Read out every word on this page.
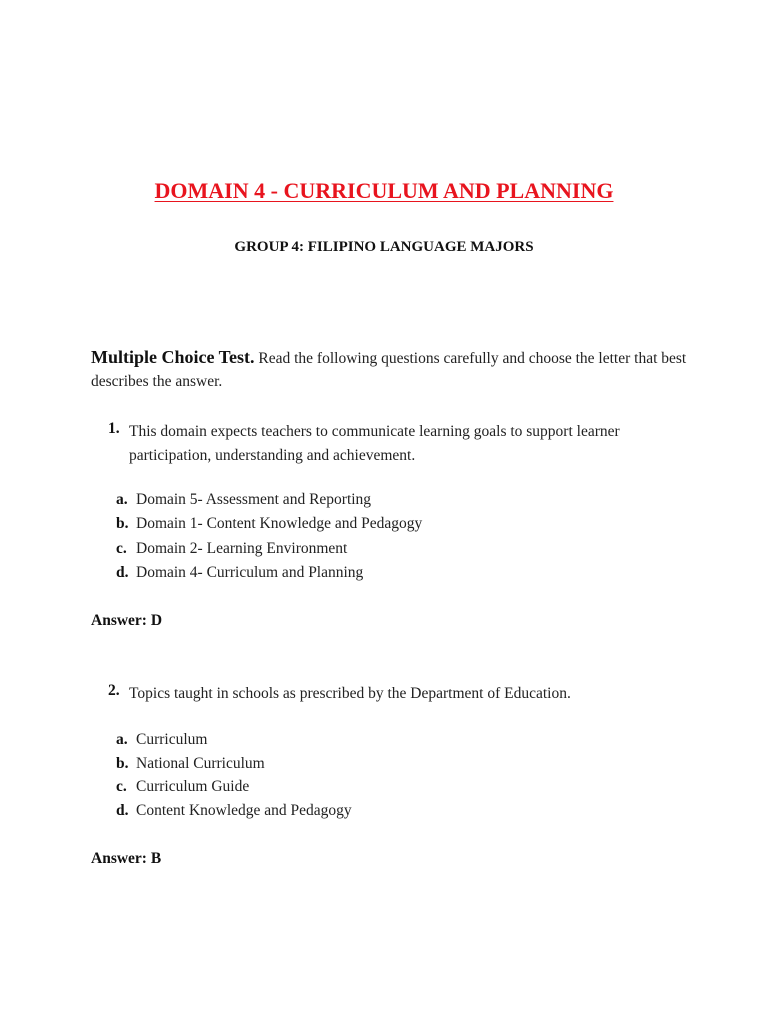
DOMAIN 4 - CURRICULUM AND PLANNING
GROUP 4: FILIPINO LANGUAGE MAJORS
Multiple Choice Test. Read the following questions carefully and choose the letter that best describes the answer.
1. This domain expects teachers to communicate learning goals to support learner participation, understanding and achievement.
a. Domain 5- Assessment and Reporting
b. Domain 1- Content Knowledge and Pedagogy
c. Domain 2- Learning Environment
d. Domain 4- Curriculum and Planning
Answer: D
2. Topics taught in schools as prescribed by the Department of Education.
a. Curriculum
b. National Curriculum
c. Curriculum Guide
d. Content Knowledge and Pedagogy
Answer: B
